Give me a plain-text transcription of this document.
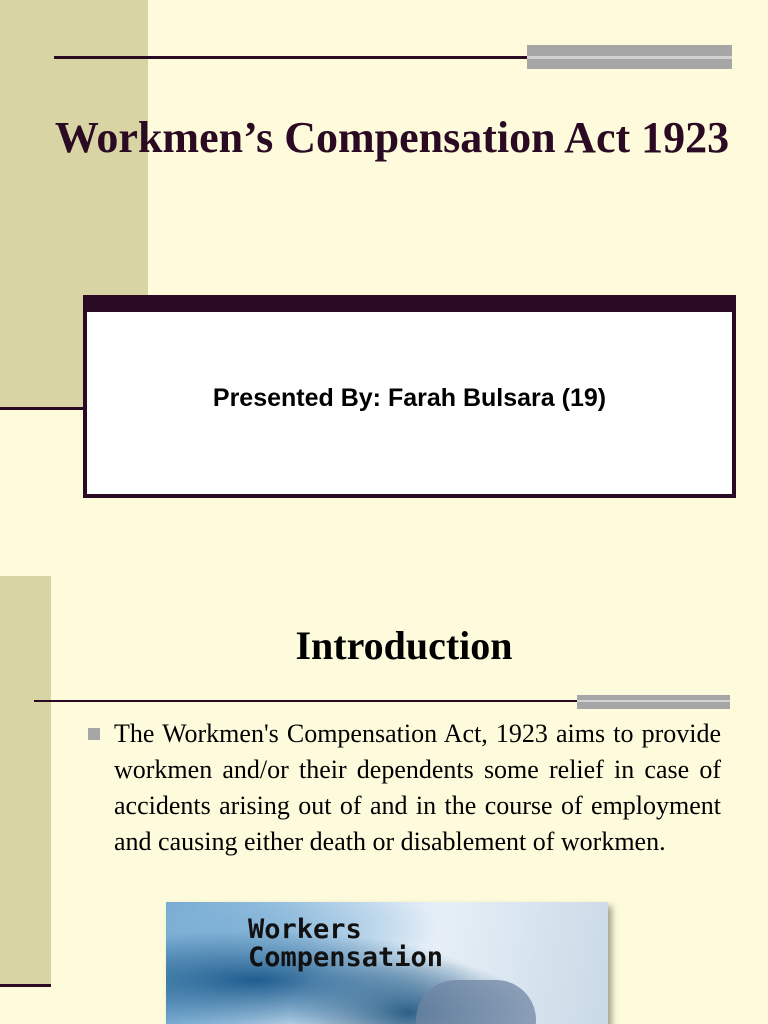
Workmen’s Compensation Act 1923
Presented By: Farah Bulsara (19)
Introduction

The Workmen's Compensation Act, 1923 aims to provide workmen and/or their dependents some relief in case of accidents arising out of and in the course of employment and causing either death or disablement of workmen.

Workers
Compensation
